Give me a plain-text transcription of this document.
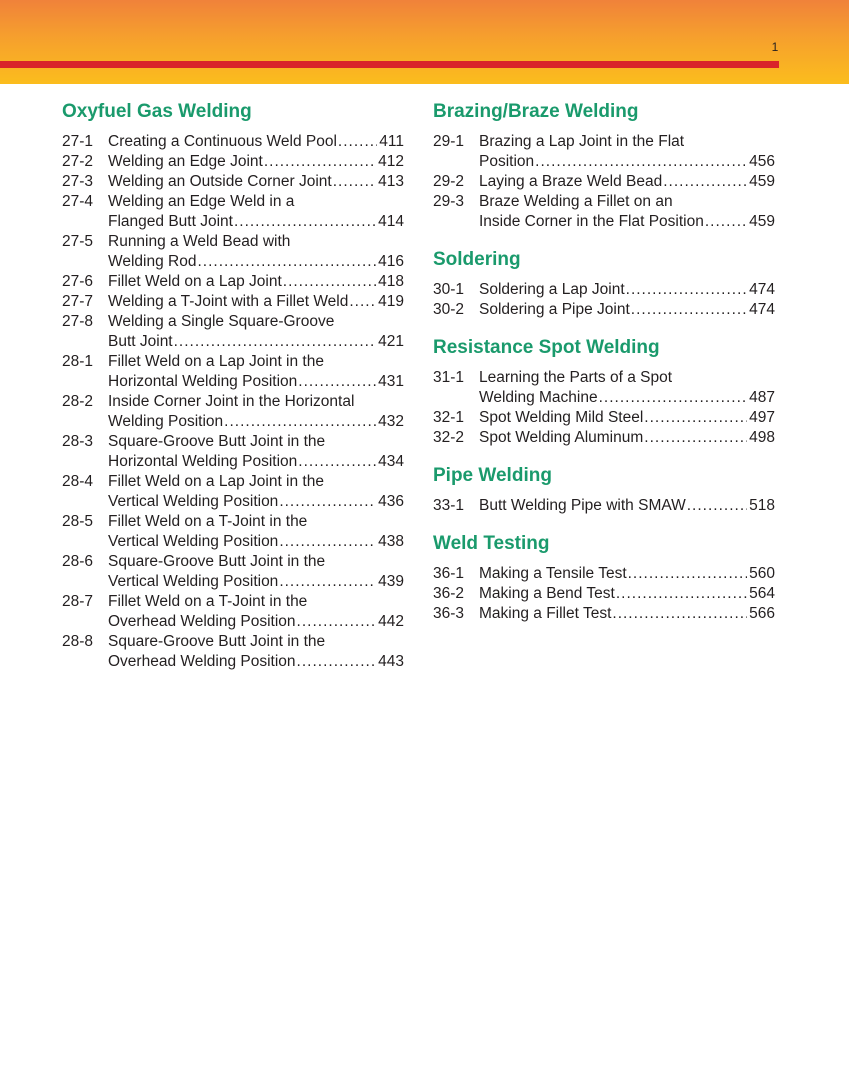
1
Oxyfuel Gas Welding
27-1 Creating a Continuous Weld Pool .....	411
27-2 Welding an Edge Joint .....	412
27-3 Welding an Outside Corner Joint .....	413
27-4 Welding an Edge Weld in a
Flanged Butt Joint .....	414
27-5 Running a Weld Bead with
Welding Rod .....	416
27-6 Fillet Weld on a Lap Joint .....	418
27-7 Welding a T-Joint with a Fillet Weld ..... 419
27-8 Welding a Single Square-Groove
Butt Joint .....	421
28-1 Fillet Weld on a Lap Joint in the
Horizontal Welding Position .....	431
28-2 Inside Corner Joint in the Horizontal
Welding Position .....	432
28-3 Square-Groove Butt Joint in the
Horizontal Welding Position .....	434
28-4 Fillet Weld on a Lap Joint in the
Vertical Welding Position .....	436
28-5 Fillet Weld on a T-Joint in the
Vertical Welding Position .....	438
28-6 Square-Groove Butt Joint in the
Vertical Welding Position .....	439
28-7 Fillet Weld on a T-Joint in the
Overhead Welding Position .....	442
28-8 Square-Groove Butt Joint in the
Overhead Welding Position .....	443
Brazing/Braze Welding
29-1 Brazing a Lap Joint in the Flat
Position .....	456
29-2 Laying a Braze Weld Bead .....	459
29-3 Braze Welding a Fillet on an
Inside Corner in the Flat Position .....	459
Soldering
30-1 Soldering a Lap Joint .....	474
30-2 Soldering a Pipe Joint .....	474
Resistance Spot Welding
31-1 Learning the Parts of a Spot
Welding Machine .....	487
32-1 Spot Welding Mild Steel .....	497
32-2 Spot Welding Aluminum .....	498
Pipe Welding
33-1 Butt Welding Pipe with SMAW .....	518
Weld Testing
36-1 Making a Tensile Test .....	560
36-2 Making a Bend Test .....	564
36-3 Making a Fillet Test .....	566
